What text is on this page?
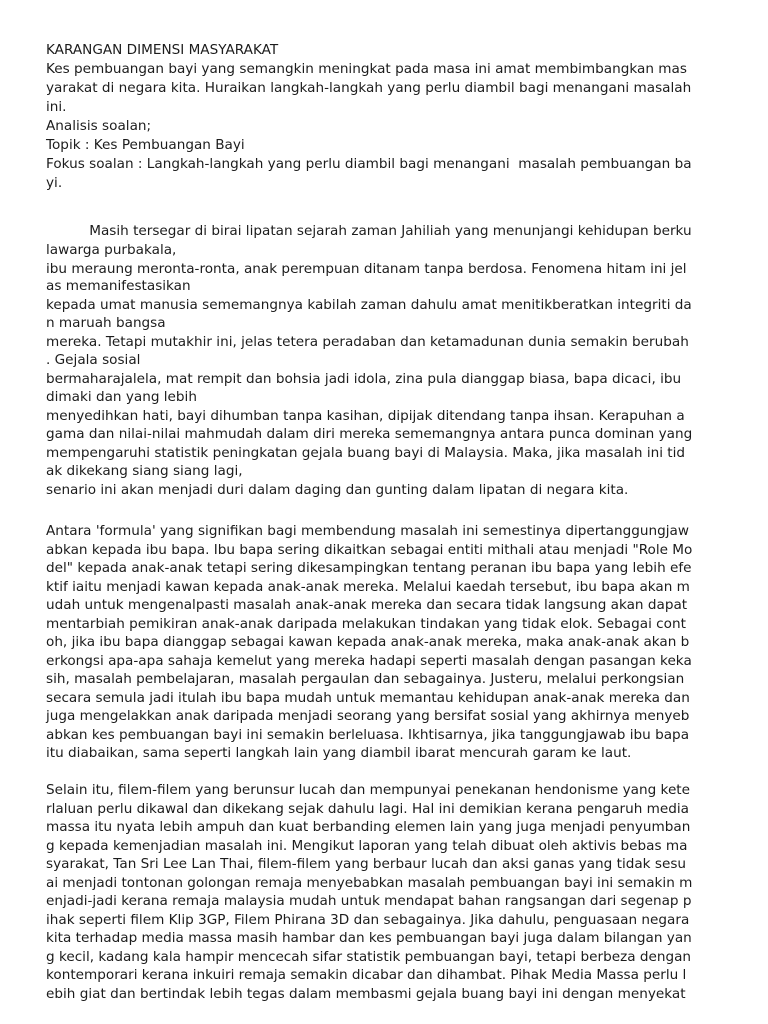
KARANGAN DIMENSI MASYARAKAT

Kes pembuangan bayi yang semangkin meningkat pada masa ini amat membimbangkan mas

yarakat di negara kita. Huraikan langkah-langkah yang perlu diambil bagi menangani masalah

ini.

Analisis soalan;

Topik : Kes Pembuangan Bayi

Fokus soalan : Langkah-langkah yang perlu diambil bagi menangani  masalah pembuangan ba

yi.

Masih tersegar di birai lipatan sejarah zaman Jahiliah yang menunjangi kehidupan berku

lawarga purbakala,

ibu meraung meronta-ronta, anak perempuan ditanam tanpa berdosa. Fenomena hitam ini jel

as memanifestasikan

kepada umat manusia sememangnya kabilah zaman dahulu amat menitikberatkan integriti da

n maruah bangsa

mereka. Tetapi mutakhir ini, jelas tetera peradaban dan ketamadunan dunia semakin berubah

. Gejala sosial

bermaharajalela, mat rempit dan bohsia jadi idola, zina pula dianggap biasa, bapa dicaci, ibu

dimaki dan yang lebih

menyedihkan hati, bayi dihumban tanpa kasihan, dipijak ditendang tanpa ihsan. Kerapuhan a

gama dan nilai-nilai mahmudah dalam diri mereka sememangnya antara punca dominan yang

mempengaruhi statistik peningkatan gejala buang bayi di Malaysia. Maka, jika masalah ini tid

ak dikekang siang siang lagi,

senario ini akan menjadi duri dalam daging dan gunting dalam lipatan di negara kita.

Antara 'formula' yang signifikan bagi membendung masalah ini semestinya dipertanggungjaw

abkan kepada ibu bapa. Ibu bapa sering dikaitkan sebagai entiti mithali atau menjadi "Role Mo

del" kepada anak-anak tetapi sering dikesampingkan tentang peranan ibu bapa yang lebih efe

ktif iaitu menjadi kawan kepada anak-anak mereka. Melalui kaedah tersebut, ibu bapa akan m

udah untuk mengenalpasti masalah anak-anak mereka dan secara tidak langsung akan dapat

mentarbiah pemikiran anak-anak daripada melakukan tindakan yang tidak elok. Sebagai cont

oh, jika ibu bapa dianggap sebagai kawan kepada anak-anak mereka, maka anak-anak akan b

erkongsi apa-apa sahaja kemelut yang mereka hadapi seperti masalah dengan pasangan keka

sih, masalah pembelajaran, masalah pergaulan dan sebagainya. Justeru, melalui perkongsian

secara semula jadi itulah ibu bapa mudah untuk memantau kehidupan anak-anak mereka dan

juga mengelakkan anak daripada menjadi seorang yang bersifat sosial yang akhirnya menyeb

abkan kes pembuangan bayi ini semakin berleluasa. Ikhtisarnya, jika tanggungjawab ibu bapa

itu diabaikan, sama seperti langkah lain yang diambil ibarat mencurah garam ke laut.

Selain itu, filem-filem yang berunsur lucah dan mempunyai penekanan hendonisme yang kete

rlaluan perlu dikawal dan dikekang sejak dahulu lagi. Hal ini demikian kerana pengaruh media

massa itu nyata lebih ampuh dan kuat berbanding elemen lain yang juga menjadi penyumban

g kepada kemenjadian masalah ini. Mengikut laporan yang telah dibuat oleh aktivis bebas ma

syarakat, Tan Sri Lee Lan Thai, filem-filem yang berbaur lucah dan aksi ganas yang tidak sesu

ai menjadi tontonan golongan remaja menyebabkan masalah pembuangan bayi ini semakin m

enjadi-jadi kerana remaja malaysia mudah untuk mendapat bahan rangsangan dari segenap p

ihak seperti filem Klip 3GP, Filem Phirana 3D dan sebagainya. Jika dahulu, penguasaan negara

kita terhadap media massa masih hambar dan kes pembuangan bayi juga dalam bilangan yan

g kecil, kadang kala hampir mencecah sifar statistik pembuangan bayi, tetapi berbeza dengan

kontemporari kerana inkuiri remaja semakin dicabar dan dihambat. Pihak Media Massa perlu l

ebih giat dan bertindak lebih tegas dalam membasmi gejala buang bayi ini dengan menyekat
